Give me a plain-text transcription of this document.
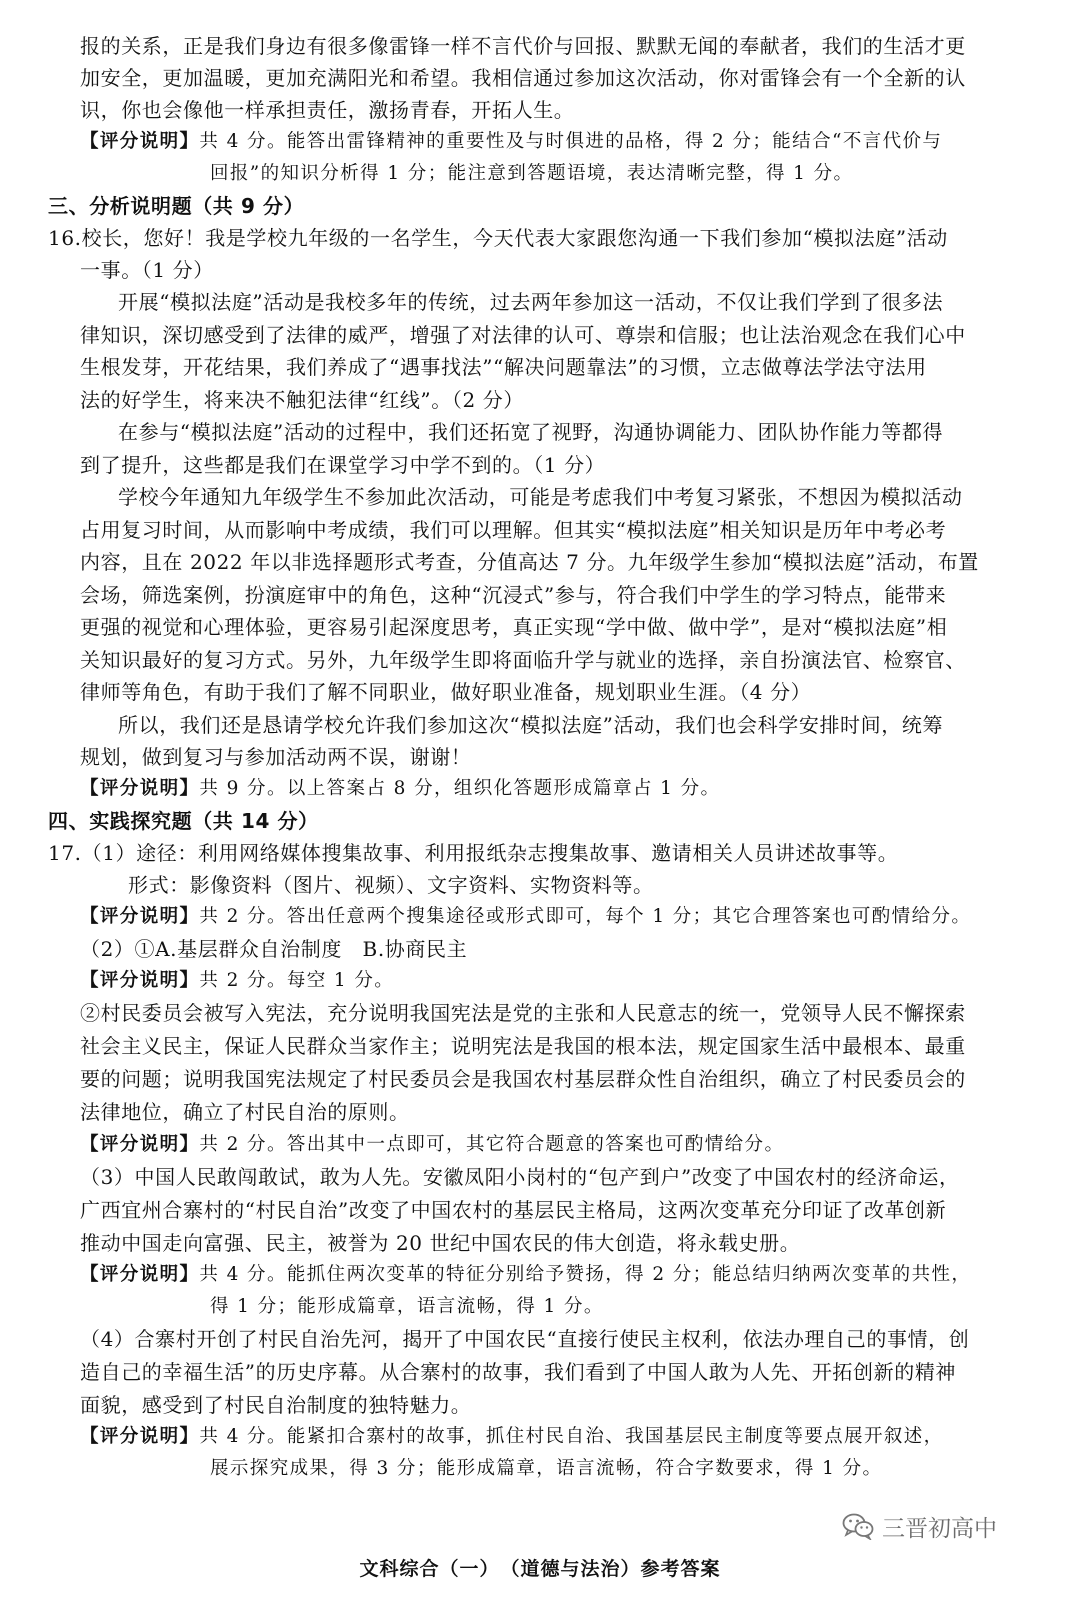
报的关系，正是我们身边有很多像雷锋一样不言代价与回报、默默无闻的奉献者，我们的生活才更
加安全，更加温暖，更加充满阳光和希望。我相信通过参加这次活动，你对雷锋会有一个全新的认
识，你也会像他一样承担责任，激扬青春，开拓人生。
【评分说明】共 4 分。能答出雷锋精神的重要性及与时俱进的品格，得 2 分；能结合“不言代价与
回报”的知识分析得 1 分；能注意到答题语境，表达清晰完整，得 1 分。
三、分析说明题（共 9 分）
16.校长，您好！我是学校九年级的一名学生，今天代表大家跟您沟通一下我们参加“模拟法庭”活动
一事。（1 分）
开展“模拟法庭”活动是我校多年的传统，过去两年参加这一活动，不仅让我们学到了很多法
律知识，深切感受到了法律的威严，增强了对法律的认可、尊崇和信服；也让法治观念在我们心中
生根发芽，开花结果，我们养成了“遇事找法”“解决问题靠法”的习惯，立志做尊法学法守法用
法的好学生，将来决不触犯法律“红线”。（2 分）
在参与“模拟法庭”活动的过程中，我们还拓宽了视野，沟通协调能力、团队协作能力等都得
到了提升，这些都是我们在课堂学习中学不到的。（1 分）
学校今年通知九年级学生不参加此次活动，可能是考虑我们中考复习紧张，不想因为模拟活动
占用复习时间，从而影响中考成绩，我们可以理解。但其实“模拟法庭”相关知识是历年中考必考
内容，且在 2022 年以非选择题形式考查，分值高达 7 分。九年级学生参加“模拟法庭”活动，布置
会场，筛选案例，扮演庭审中的角色，这种“沉浸式”参与，符合我们中学生的学习特点，能带来
更强的视觉和心理体验，更容易引起深度思考，真正实现“学中做、做中学”，是对“模拟法庭”相
关知识最好的复习方式。另外，九年级学生即将面临升学与就业的选择，亲自扮演法官、检察官、
律师等角色，有助于我们了解不同职业，做好职业准备，规划职业生涯。（4 分）
所以，我们还是恳请学校允许我们参加这次“模拟法庭”活动，我们也会科学安排时间，统筹
规划，做到复习与参加活动两不误，谢谢！
【评分说明】共 9 分。以上答案占 8 分，组织化答题形成篇章占 1 分。
四、实践探究题（共 14 分）
17.（1）途径：利用网络媒体搜集故事、利用报纸杂志搜集故事、邀请相关人员讲述故事等。
形式：影像资料（图片、视频）、文字资料、实物资料等。
【评分说明】共 2 分。答出任意两个搜集途径或形式即可，每个 1 分；其它合理答案也可酌情给分。
（2）①A.基层群众自治制度　B.协商民主
【评分说明】共 2 分。每空 1 分。
②村民委员会被写入宪法，充分说明我国宪法是党的主张和人民意志的统一，党领导人民不懈探索
社会主义民主，保证人民群众当家作主；说明宪法是我国的根本法，规定国家生活中最根本、最重
要的问题；说明我国宪法规定了村民委员会是我国农村基层群众性自治组织，确立了村民委员会的
法律地位，确立了村民自治的原则。
【评分说明】共 2 分。答出其中一点即可，其它符合题意的答案也可酌情给分。
（3）中国人民敢闯敢试，敢为人先。安徽凤阳小岗村的“包产到户”改变了中国农村的经济命运，
广西宜州合寨村的“村民自治”改变了中国农村的基层民主格局，这两次变革充分印证了改革创新
推动中国走向富强、民主，被誉为 20 世纪中国农民的伟大创造，将永载史册。
【评分说明】共 4 分。能抓住两次变革的特征分别给予赞扬，得 2 分；能总结归纳两次变革的共性，
得 1 分；能形成篇章，语言流畅，得 1 分。
（4）合寨村开创了村民自治先河，揭开了中国农民“直接行使民主权利，依法办理自己的事情，创
造自己的幸福生活”的历史序幕。从合寨村的故事，我们看到了中国人敢为人先、开拓创新的精神
面貌，感受到了村民自治制度的独特魅力。
【评分说明】共 4 分。能紧扣合寨村的故事，抓住村民自治、我国基层民主制度等要点展开叙述，
展示探究成果，得 3 分；能形成篇章，语言流畅，符合字数要求，得 1 分。
文科综合（一）　（道德与法治）参考答案
三晋初高中
